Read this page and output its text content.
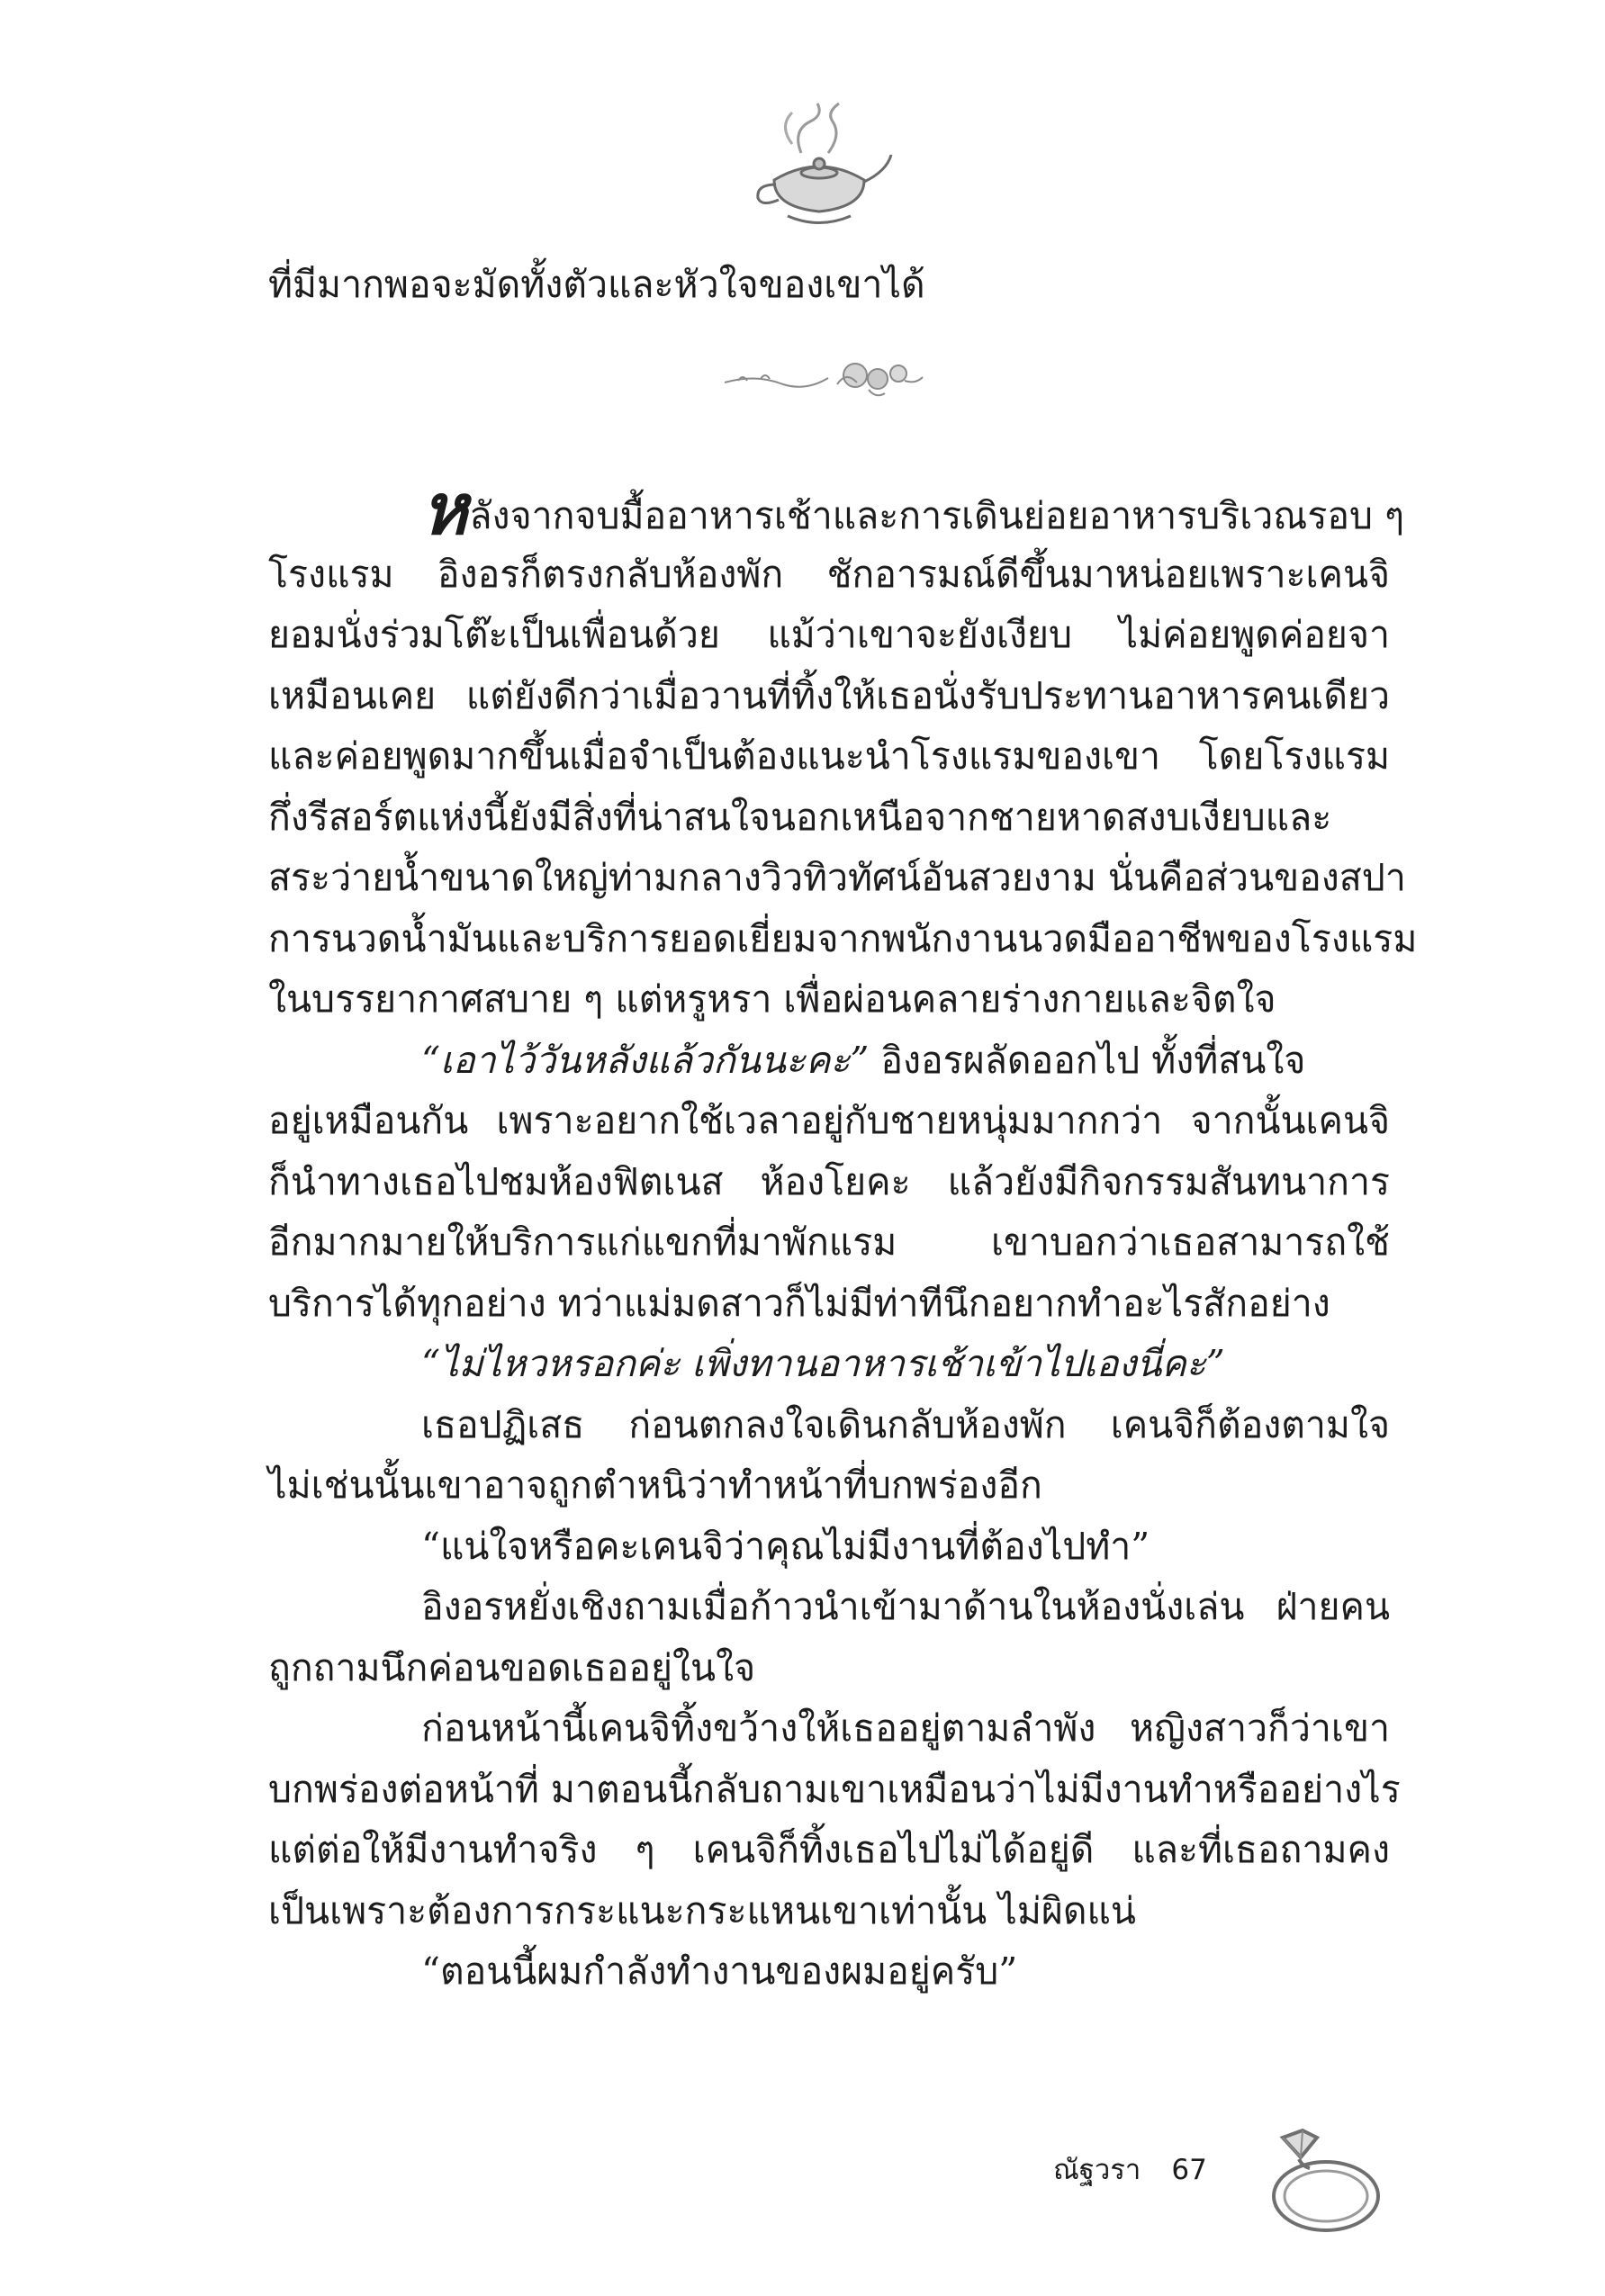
ที่มีมากพอจะมัดทั้งตัวและหัวใจของเขาได้
หลังจากจบมื้ออาหารเช้าและการเดินย่อยอาหารบริเวณรอบ ๆ
โรงแรม อิงอรก็ตรงกลับห้องพัก ชักอารมณ์ดีขึ้นมาหน่อยเพราะเคนจิ
ยอมนั่งร่วมโต๊ะเป็นเพื่อนด้วย แม้ว่าเขาจะยังเงียบ ไม่ค่อยพูดค่อยจา
เหมือนเคย แต่ยังดีกว่าเมื่อวานที่ทิ้งให้เธอนั่งรับประทานอาหารคนเดียว
และค่อยพูดมากขึ้นเมื่อจำเป็นต้องแนะนำโรงแรมของเขา โดยโรงแรม
กึ่งรีสอร์ตแห่งนี้ยังมีสิ่งที่น่าสนใจนอกเหนือจากชายหาดสงบเงียบและ
สระว่ายน้ำขนาดใหญ่ท่ามกลางวิวทิวทัศน์อันสวยงาม นั่นคือส่วนของสปา
การนวดน้ำมันและบริการยอดเยี่ยมจากพนักงานนวดมืออาชีพของโรงแรม
ในบรรยากาศสบาย ๆ แต่หรูหรา เพื่อผ่อนคลายร่างกายและจิตใจ
“เอาไว้วันหลังแล้วกันนะคะ” อิงอรผลัดออกไป ทั้งที่สนใจ
อยู่เหมือนกัน เพราะอยากใช้เวลาอยู่กับชายหนุ่มมากกว่า จากนั้นเคนจิ
ก็นำทางเธอไปชมห้องฟิตเนส ห้องโยคะ แล้วยังมีกิจกรรมสันทนาการ
อีกมากมายให้บริการแก่แขกที่มาพักแรม เขาบอกว่าเธอสามารถใช้
บริการได้ทุกอย่าง ทว่าแม่มดสาวก็ไม่มีท่าทีนึกอยากทำอะไรสักอย่าง
“ไม่ไหวหรอกค่ะ เพิ่งทานอาหารเช้าเข้าไปเองนี่คะ”
เธอปฏิเสธ ก่อนตกลงใจเดินกลับห้องพัก เคนจิก็ต้องตามใจ
ไม่เช่นนั้นเขาอาจถูกตำหนิว่าทำหน้าที่บกพร่องอีก
“แน่ใจหรือคะเคนจิว่าคุณไม่มีงานที่ต้องไปทำ”
อิงอรหยั่งเชิงถามเมื่อก้าวนำเข้ามาด้านในห้องนั่งเล่น ฝ่ายคน
ถูกถามนึกค่อนขอดเธออยู่ในใจ
ก่อนหน้านี้เคนจิทิ้งขว้างให้เธออยู่ตามลำพัง หญิงสาวก็ว่าเขา
บกพร่องต่อหน้าที่ มาตอนนี้กลับถามเขาเหมือนว่าไม่มีงานทำหรืออย่างไร
แต่ต่อให้มีงานทำจริง ๆ เคนจิก็ทิ้งเธอไปไม่ได้อยู่ดี และที่เธอถามคง
เป็นเพราะต้องการกระแนะกระแหนเขาเท่านั้น ไม่ผิดแน่
“ตอนนี้ผมกำลังทำงานของผมอยู่ครับ”
ณัฐวรา 67
